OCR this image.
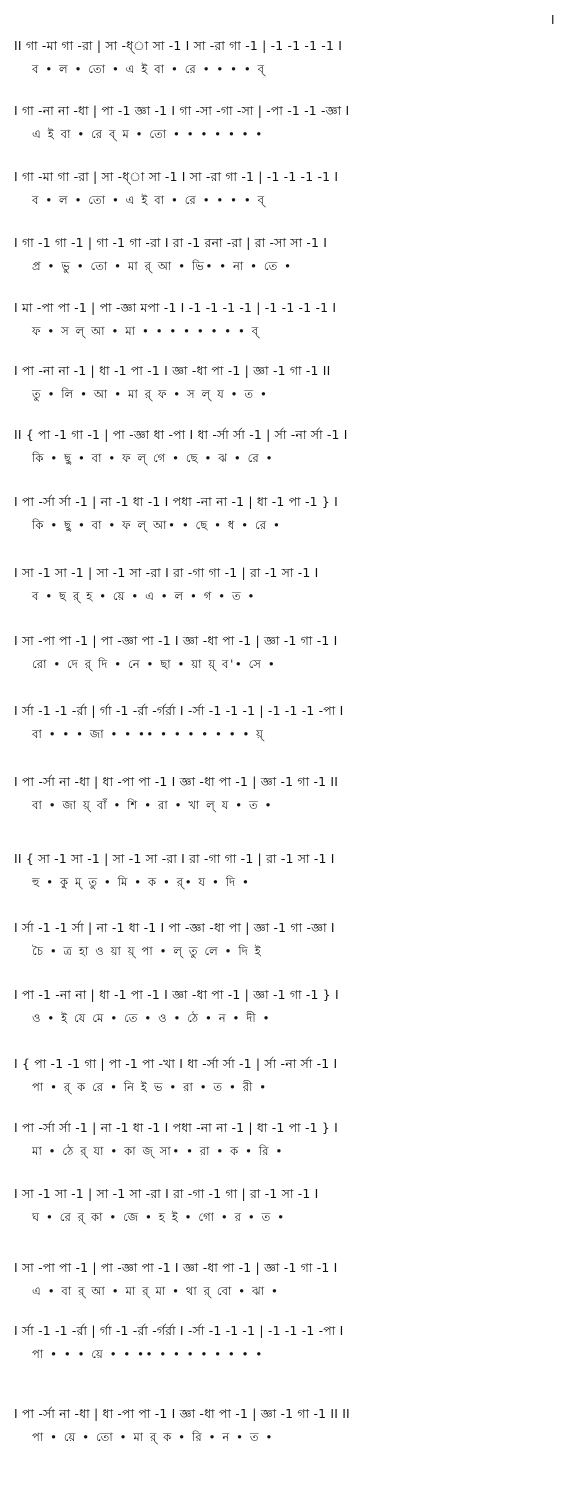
I
II গা -মা গা -রা | সা -ধ্‌া সা -1 I সা -রা গা -1 | -1 -1 -1 -1 I
ব • ল • তো • এ ই বা • রে • • • • ব্‌
I গা -না না -ধা | পা -1 জ্ঞা -1 I গা -সা -গা -সা | -পা -1 -1 -জ্ঞা I
এ ই বা • রে ব্‌ ম • তো • • • • • • •
I গা -মা গা -রা | সা -ধ্‌া সা -1 I সা -রা গা -1 | -1 -1 -1 -1 I
ব • ল • তো • এ ই বা • রে • • • • ব্‌
I গা -1 গা -1 | গা -1 গা -রা I রা -1 রনা -রা | রা -সা সা -1 I
প্র • ভু • তো • মা র্‌ আ • ভি• • না • তে •
I মা -পা পা -1 | পা -জ্ঞা মপা -1 I -1 -1 -1 -1 | -1 -1 -1 -1 I
ফ • স ল্‌ আ • মা • • • • • • • • ব্‌
I পা -না না -1 | ধা -1 পা -1 I জ্ঞা -ধা পা -1 | জ্ঞা -1 গা -1 II
তু • লি • আ • মা র্‌ ফ • স ল্‌ য • ত •
II { পা -1 গা -1 | পা -জ্ঞা ধা -পা I ধা -র্সা র্সা -1 | র্সা -না র্সা -1 I
কি • ছু • বা • ফ ল্‌ গে • ছে • ঝ • রে •
I পা -র্সা র্সা -1 | না -1 ধা -1 I পধা -না না -1 | ধা -1 পা -1 } I
কি • ছু • বা • ফ ল্‌ আ• • ছে • ধ • রে •
I সা -1 সা -1 | সা -1 সা -রা I রা -গা গা -1 | রা -1 সা -1 I
ব • ছ র্‌ হ • য়ে • এ • ল • গ • ত •
I সা -পা পা -1 | পা -জ্ঞা পা -1 I জ্ঞা -ধা পা -1 | জ্ঞা -1 গা -1 I
রো • দে র্‌ দি • নে • ছা • য়া য়্‌ ব'• সে •
I র্সা -1 -1 -র্রা | র্গা -1 -র্রা -র্গর্রা I -র্সা -1 -1 -1 | -1 -1 -1 -পা I
বা • • • জা • • •• • • • • • • • য়্‌
I পা -র্সা না -ধা | ধা -পা পা -1 I জ্ঞা -ধা পা -1 | জ্ঞা -1 গা -1 II
বা • জা য়্‌ বাঁ • শি • রা • খা ল্‌ য • ত •
II { সা -1 সা -1 | সা -1 সা -রা I রা -গা গা -1 | রা -1 সা -1 I
হু • কু ম্‌ তু • মি • ক • র্‌• য • দি •
I র্সা -1 -1 র্সা | না -1 ধা -1 I পা -জ্ঞা -ধা পা | জ্ঞা -1 গা -জ্ঞা I
চৈ • ত্র হা ও য়া য়্‌ পা • ল্‌ তু লে • দি ই
I পা -1 -না না | ধা -1 পা -1 I জ্ঞা -ধা পা -1 | জ্ঞা -1 গা -1 } I
ও • ই যে মে • তে • ও • ঠে • ন • দী •
I { পা -1 -1 গা | পা -1 পা -খা I ধা -র্সা র্সা -1 | র্সা -না র্সা -1 I
পা • র্‌ ক রে • নি ই ভ • রা • ত • রী •
I পা -র্সা র্সা -1 | না -1 ধা -1 I পধা -না না -1 | ধা -1 পা -1 } I
মা • ঠে র্‌ যা • কা জ্‌ সা• • রা • ক • রি •
I সা -1 সা -1 | সা -1 সা -রা I রা -গা -1 গা | রা -1 সা -1 I
ঘ • রে র্‌ কা • জে • হ ই • গো • র • ত •
I সা -পা পা -1 | পা -জ্ঞা পা -1 I জ্ঞা -ধা পা -1 | জ্ঞা -1 গা -1 I
এ • বা র্‌ আ • মা র্‌ মা • থা র্‌ বো • ঝা •
I র্সা -1 -1 -র্রা | র্গা -1 -র্রা -র্গর্রা I -র্সা -1 -1 -1 | -1 -1 -1 -পা I
পা • • • য়ে • • •• • • • • • • • •
I পা -র্সা না -ধা | ধা -পা পা -1 I জ্ঞা -ধা পা -1 | জ্ঞা -1 গা -1 II II
পা • য়ে • তো • মা র্‌ ক • রি • ন • ত •
